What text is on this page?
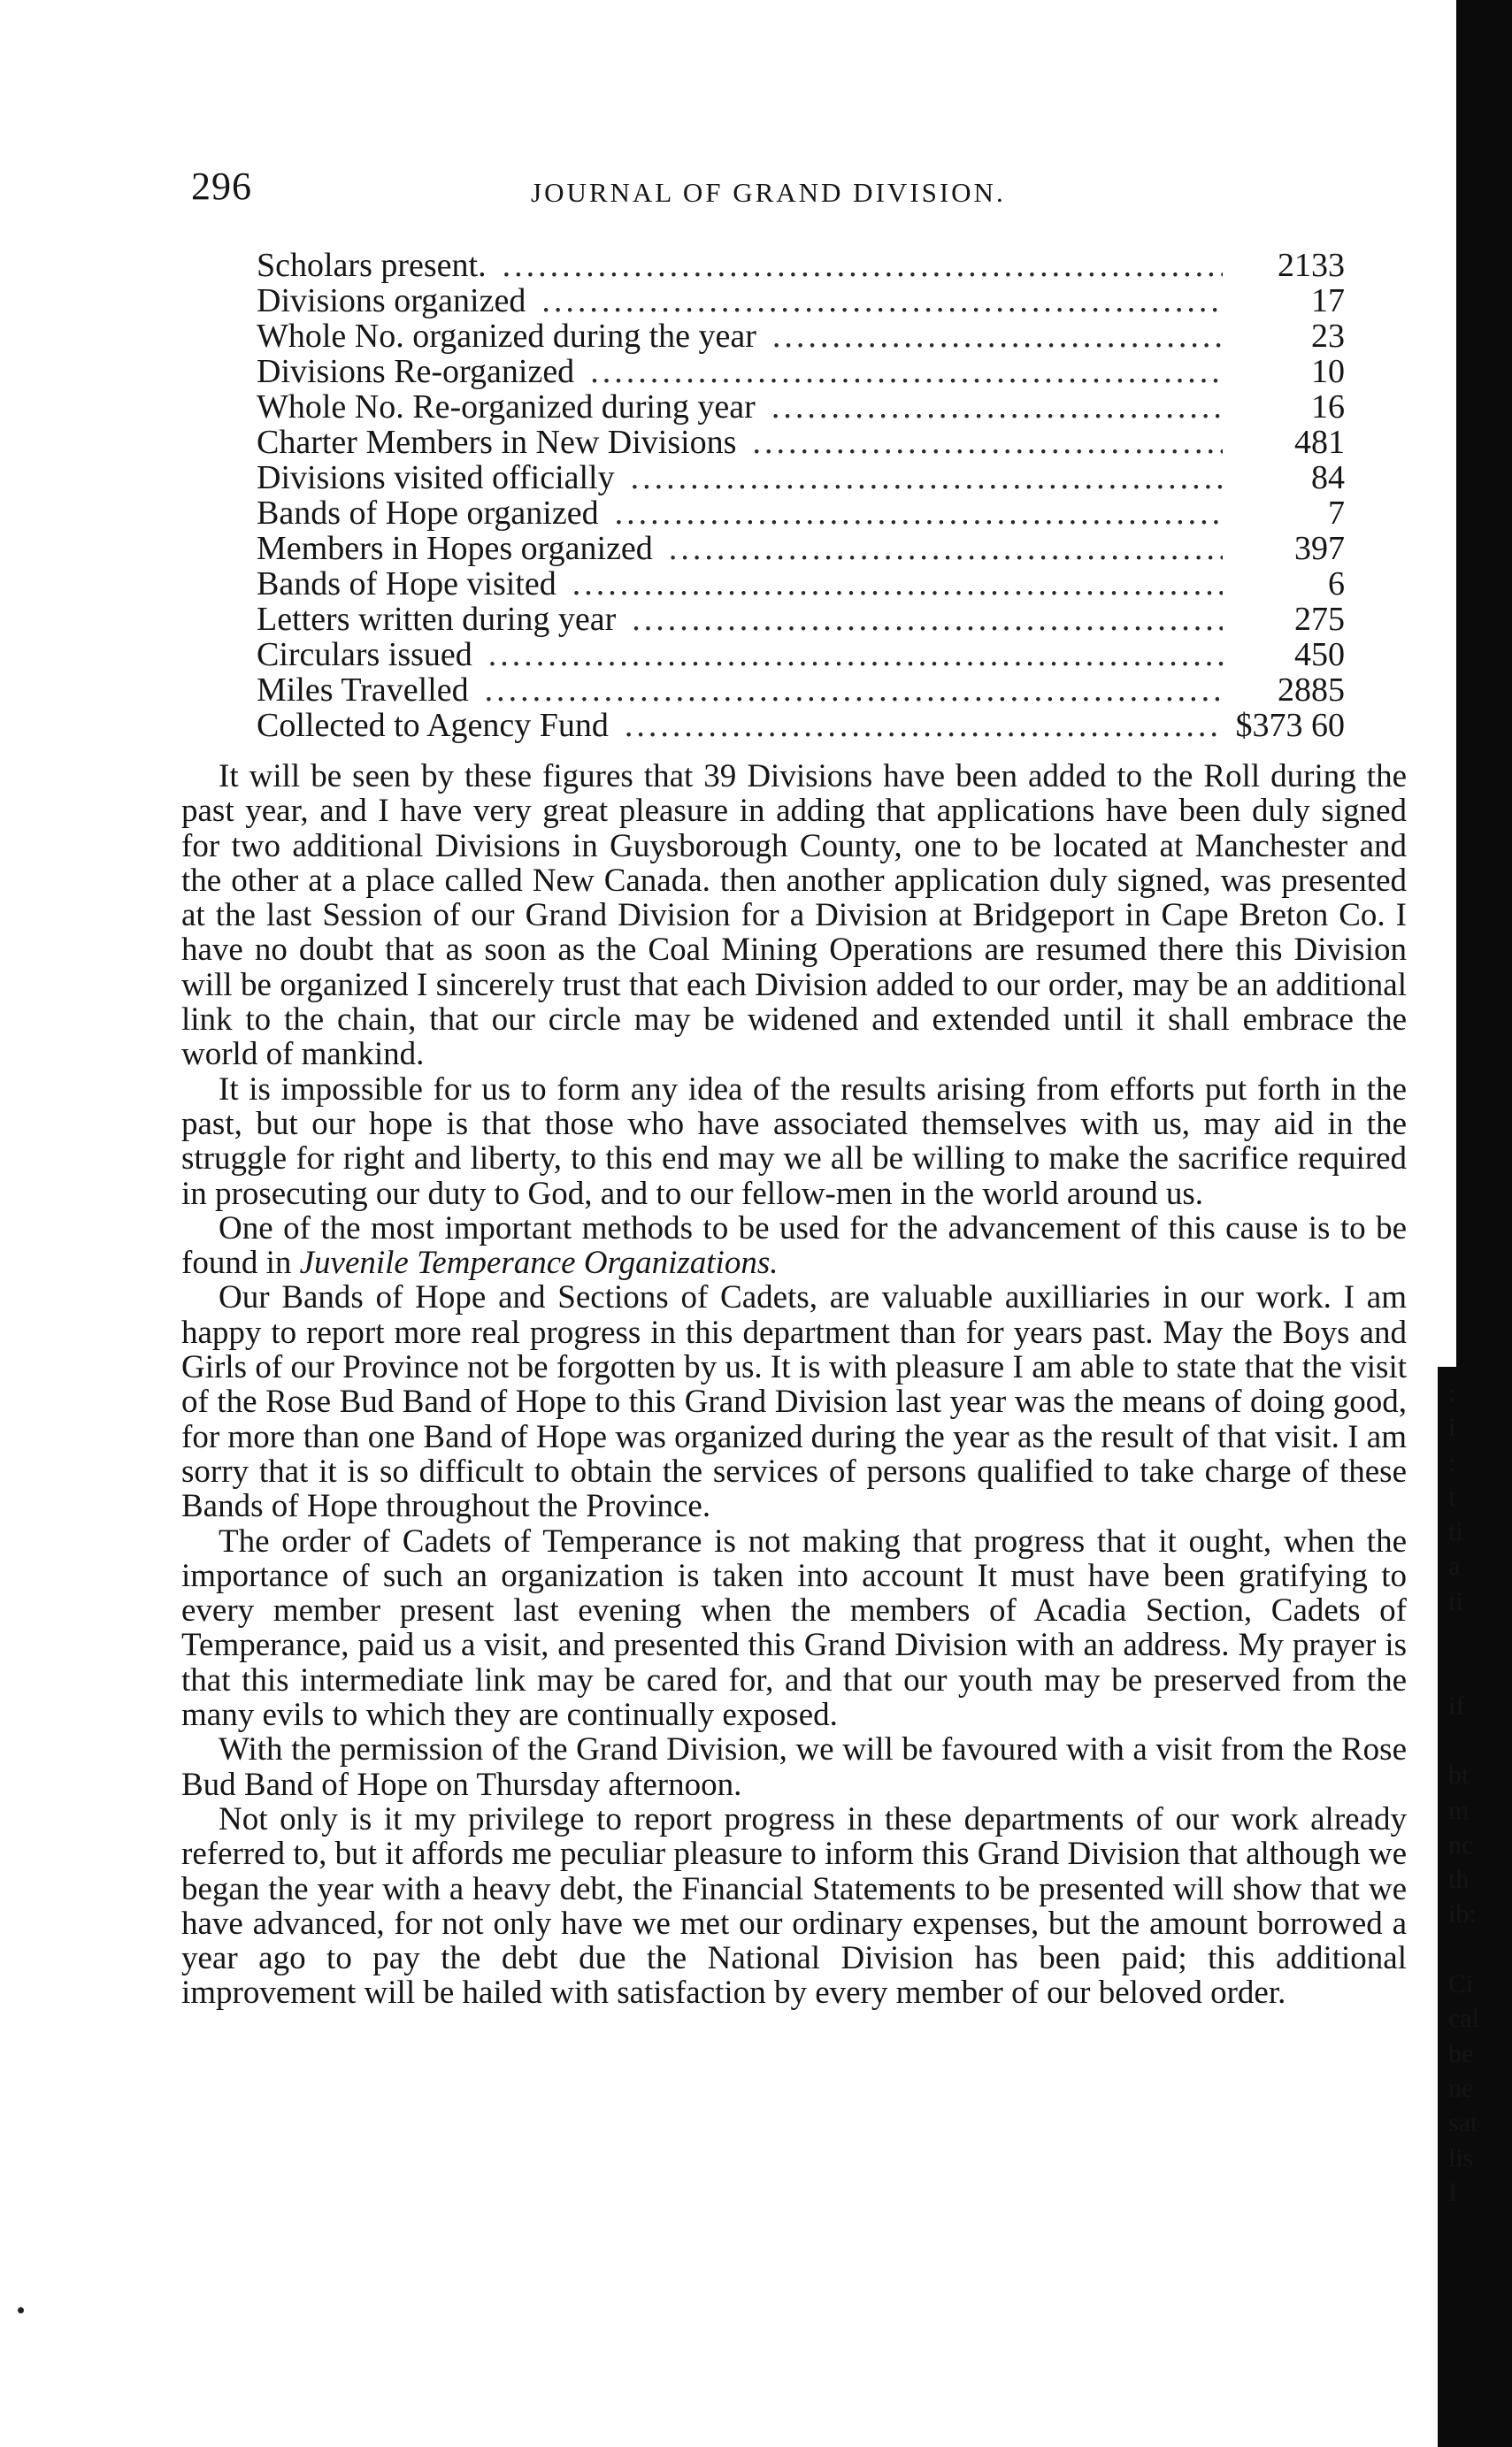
296	JOURNAL OF GRAND DIVISION.
Scholars present. .....	2133
Divisions organized .....	17
Whole No. organized during the year .....	23
Divisions Re-organized .....	10
Whole No. Re-organized during year .....	16
Charter Members in New Divisions .....	481
Divisions visited officially .....	84
Bands of Hope organized .....	7
Members in Hopes organized .....	397
Bands of Hope visited .....	6
Letters written during year .....	275
Circulars issued .....	450
Miles Travelled .....	2885
Collected to Agency Fund .....	$373 60

It will be seen by these figures that 39 Divisions have been added to the Roll during the past year, and I have very great pleasure in adding that applications have been duly signed for two additional Divisions in Guysborough County, one to be located at Manchester and the other at a place called New Canada. then another application duly signed, was presented at the last Session of our Grand Division for a Division at Bridgeport in Cape Breton Co. I have no doubt that as soon as the Coal Mining Operations are resumed there this Division will be organized I sincerely trust that each Division added to our order, may be an additional link to the chain, that our circle may be widened and extended until it shall embrace the world of mankind.

It is impossible for us to form any idea of the results arising from efforts put forth in the past, but our hope is that those who have associated themselves with us, may aid in the struggle for right and liberty, to this end may we all be willing to make the sacrifice required in prosecuting our duty to God, and to our fellow-men in the world around us.

One of the most important methods to be used for the advancement of this cause is to be found in Juvenile Temperance Organizations.

Our Bands of Hope and Sections of Cadets, are valuable auxilliaries in our work. I am happy to report more real progress in this department than for years past. May the Boys and Girls of our Province not be forgotten by us. It is with pleasure I am able to state that the visit of the Rose Bud Band of Hope to this Grand Division last year was the means of doing good, for more than one Band of Hope was organized during the year as the result of that visit. I am sorry that it is so difficult to obtain the services of persons qualified to take charge of these Bands of Hope throughout the Province.

The order of Cadets of Temperance is not making that progress that it ought, when the importance of such an organization is taken into account It must have been gratifying to every member present last evening when the members of Acadia Section, Cadets of Temperance, paid us a visit, and presented this Grand Division with an address. My prayer is that this intermediate link may be cared for, and that our youth may be preserved from the many evils to which they are continually exposed.

With the permission of the Grand Division, we will be favoured with a visit from the Rose Bud Band of Hope on Thursday afternoon.

Not only is it my privilege to report progress in these departments of our work already referred to, but it affords me peculiar pleasure to inform this Grand Division that although we began the year with a heavy debt, the Financial Statements to be presented will show that we have advanced, for not only have we met our ordinary expenses, but the amount borrowed a year ago to pay the debt due the National Division has been paid; this additional improvement will be hailed with satisfaction by every member of our beloved order.

:
i
:
t
ti
a
ti
if
bt
m
nc
th
ib:
Ci
cal
be
ne
sat
lis
I
